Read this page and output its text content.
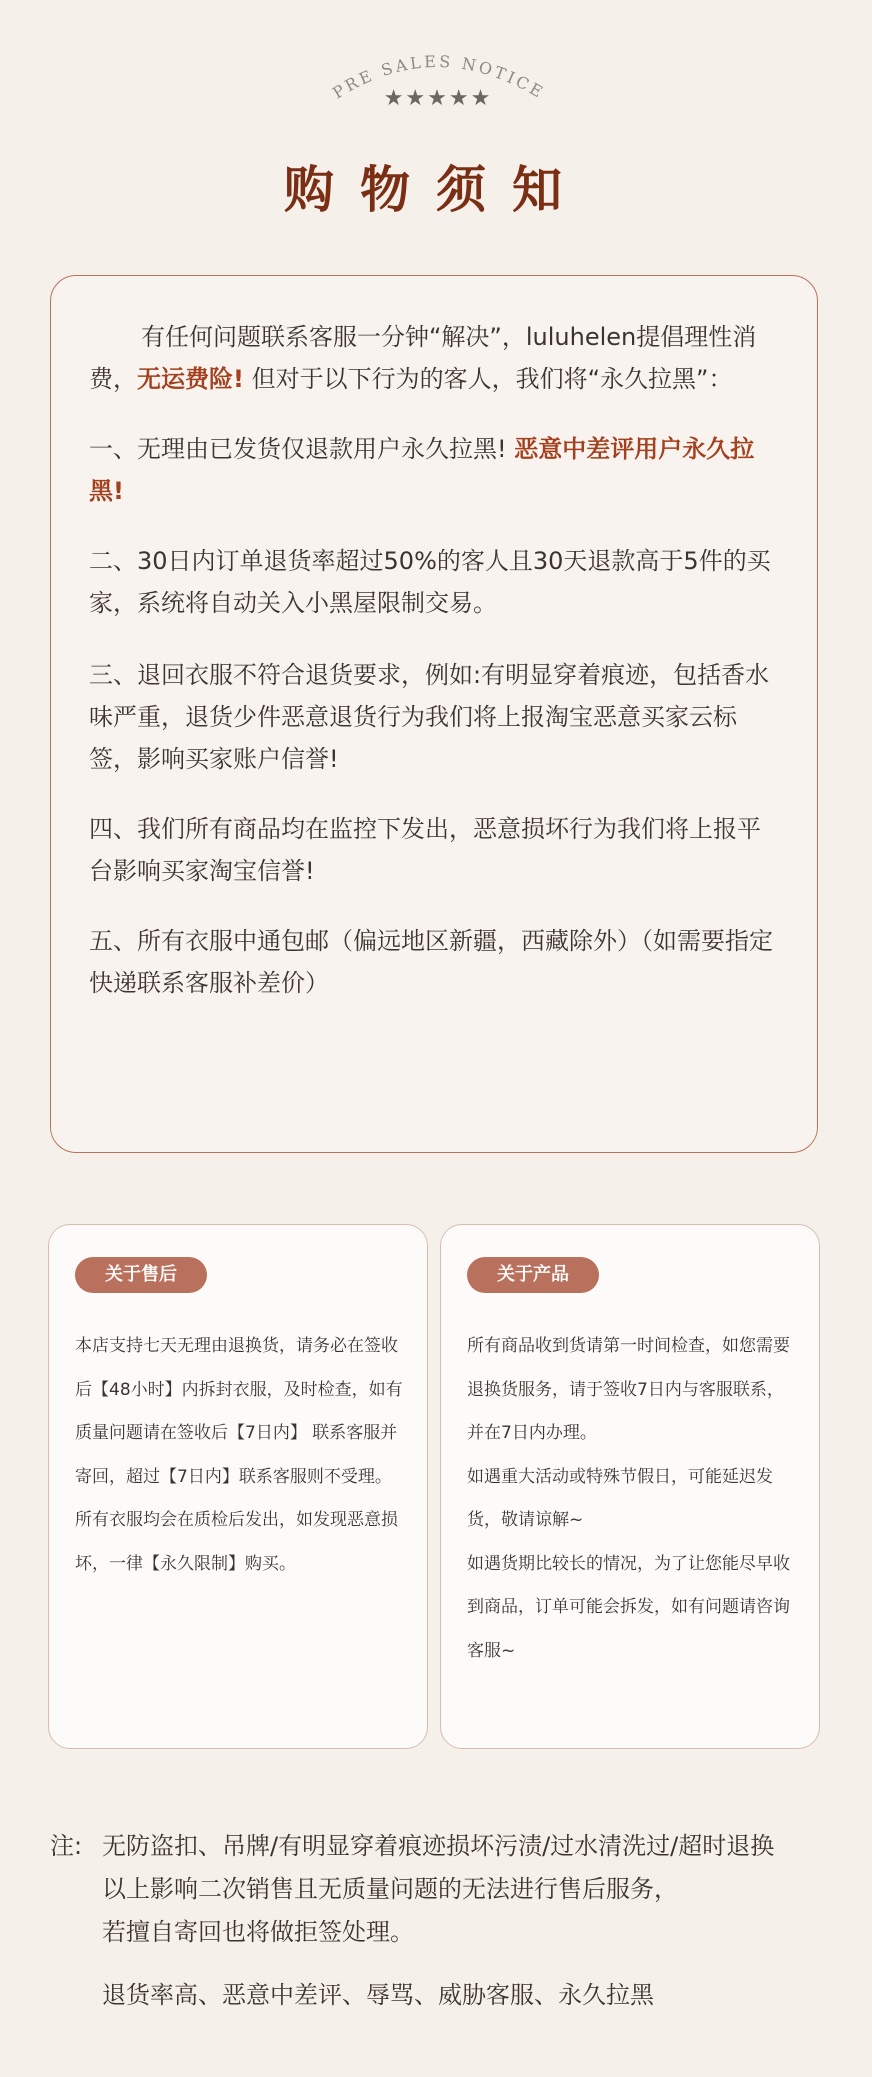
PRE SALES NOTICE
★★★★★
购物须知

有任何问题联系客服一分钟“解决”，luluhelen提倡理性消费，无运费险! 但对于以下行为的客人，我们将“永久拉黑”：

一、无理由已发货仅退款用户永久拉黑! 恶意中差评用户永久拉黑!

二、30日内订单退货率超过50%的客人且30天退款高于5件的买家，系统将自动关入小黑屋限制交易。

三、退回衣服不符合退货要求，例如:有明显穿着痕迹，包括香水味严重，退货少件恶意退货行为我们将上报淘宝恶意买家云标签，影响买家账户信誉!

四、我们所有商品均在监控下发出，恶意损坏行为我们将上报平台影响买家淘宝信誉!

五、所有衣服中通包邮（偏远地区新疆，西藏除外）（如需要指定快递联系客服补差价）

关于售后

本店支持七天无理由退换货，请务必在签收后【48小时】内拆封衣服，及时检查，如有质量问题请在签收后【7日内】 联系客服并寄回，超过【7日内】联系客服则不受理。所有衣服均会在质检后发出，如发现恶意损坏，一律【永久限制】购买。

关于产品

所有商品收到货请第一时间检查，如您需要退换货服务，请于签收7日内与客服联系，并在7日内办理。

如遇重大活动或特殊节假日，可能延迟发货，敬请谅解~

如遇货期比较长的情况，为了让您能尽早收到商品，订单可能会拆发，如有问题请咨询客服~

注: 无防盗扣、吊牌/有明显穿着痕迹损坏污渍/过水清洗过/超时退换
以上影响二次销售且无质量问题的无法进行售后服务，
若擅自寄回也将做拒签处理。
退货率高、恶意中差评、辱骂、威胁客服、永久拉黑
